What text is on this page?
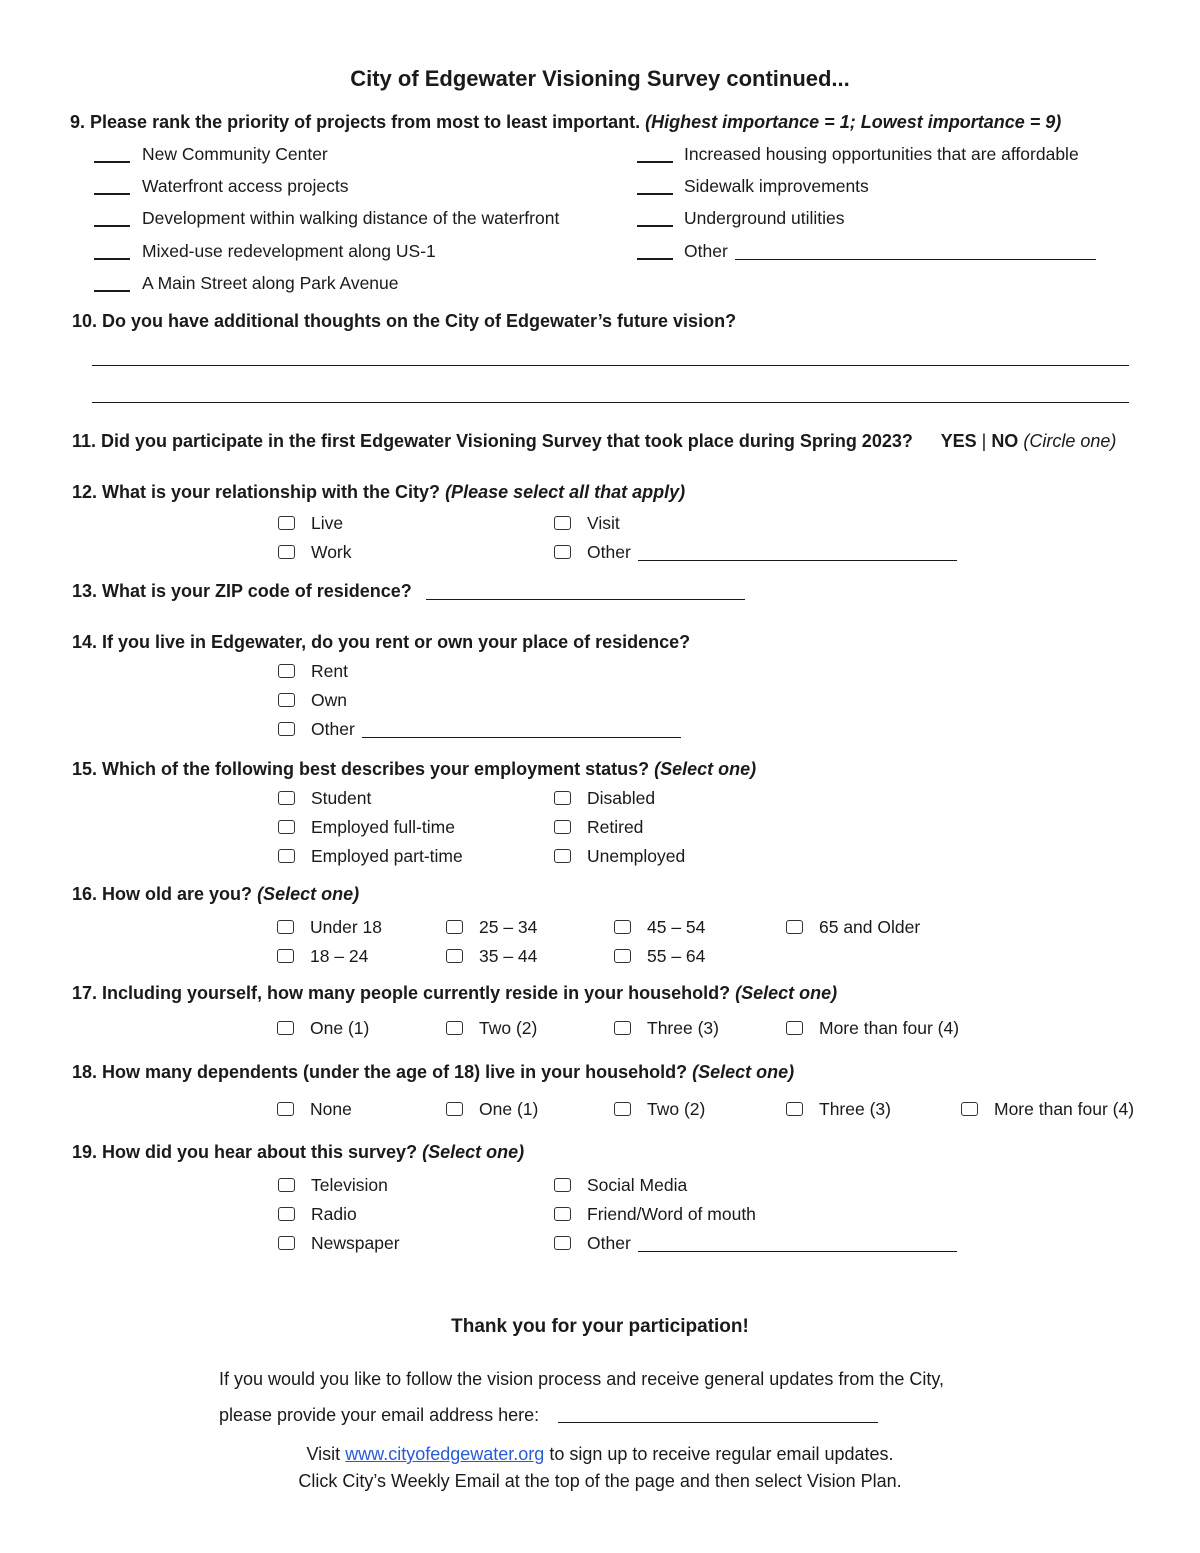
City of Edgewater Visioning Survey continued...
9. Please rank the priority of projects from most to least important. (Highest importance = 1; Lowest importance = 9)
New Community Center
Waterfront access projects
Development within walking distance of the waterfront
Mixed-use redevelopment along US-1
A Main Street along Park Avenue
Increased housing opportunities that are affordable
Sidewalk improvements
Underground utilities
Other
10. Do you have additional thoughts on the City of Edgewater’s future vision?
11. Did you participate in the first Edgewater Visioning Survey that took place during Spring 2023? YES | NO (Circle one)
12. What is your relationship with the City? (Please select all that apply)
Live	Visit
Work	Other
13. What is your ZIP code of residence?
14. If you live in Edgewater, do you rent or own your place of residence?
Rent
Own
Other
15. Which of the following best describes your employment status? (Select one)
Student	Disabled
Employed full-time	Retired
Employed part-time	Unemployed
16. How old are you? (Select one)
Under 18	25 – 34	45 – 54	65 and Older
18 – 24	35 – 44	55 – 64
17. Including yourself, how many people currently reside in your household? (Select one)
One (1)	Two (2)	Three (3)	More than four (4)
18. How many dependents (under the age of 18) live in your household? (Select one)
None	One (1)	Two (2)	Three (3)	More than four (4)
19. How did you hear about this survey? (Select one)
Television	Social Media
Radio	Friend/Word of mouth
Newspaper	Other
Thank you for your participation!
If you would you like to follow the vision process and receive general updates from the City,
please provide your email address here:
Visit www.cityofedgewater.org to sign up to receive regular email updates.
Click City’s Weekly Email at the top of the page and then select Vision Plan.
